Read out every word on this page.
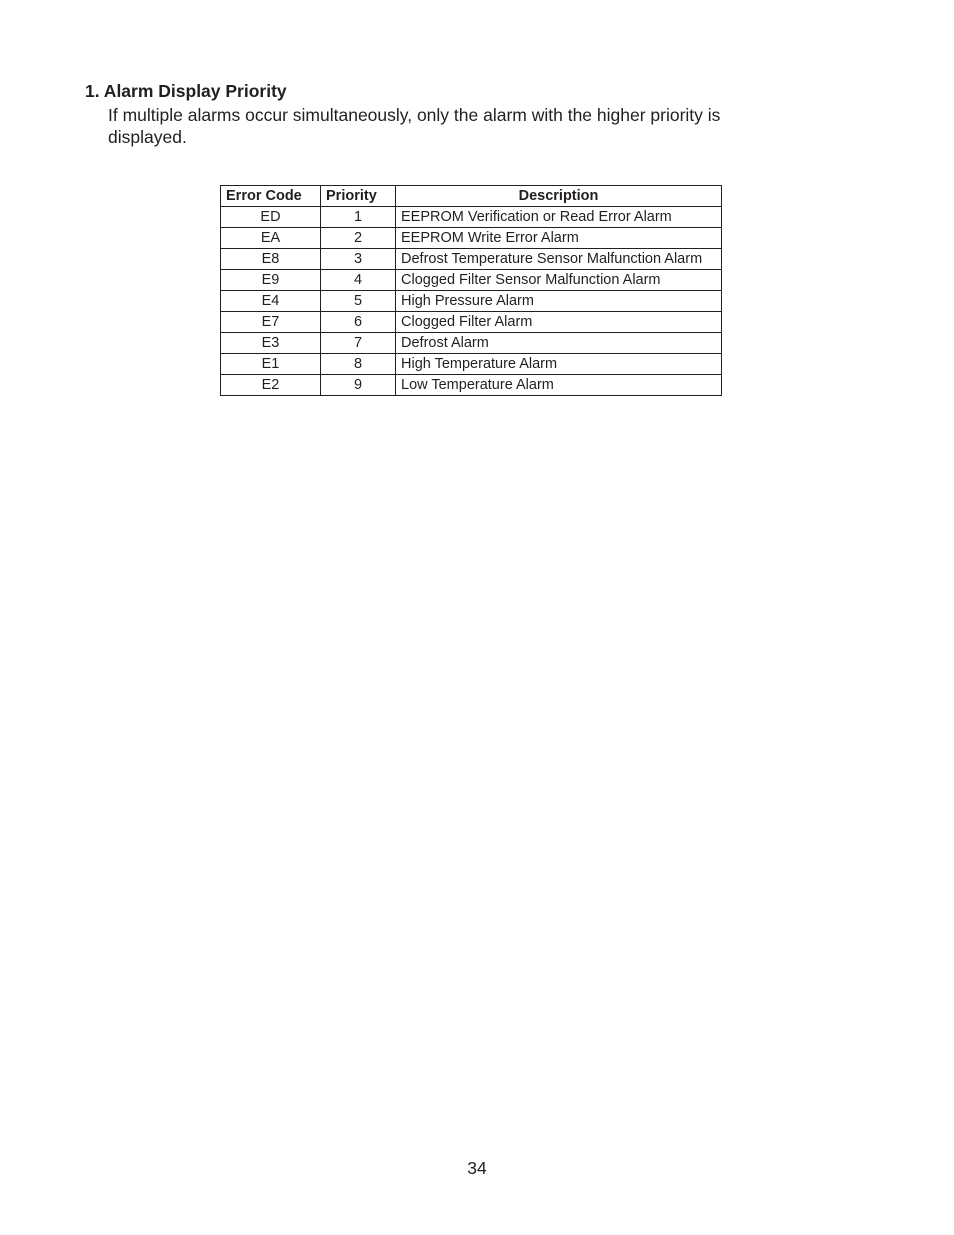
1. Alarm Display Priority

If multiple alarms occur simultaneously, only the alarm with the higher priority is displayed.

Error Code	Priority	Description
ED	1	EEPROM Verification or Read Error Alarm
EA	2	EEPROM Write Error Alarm
E8	3	Defrost Temperature Sensor Malfunction Alarm
E9	4	Clogged Filter Sensor Malfunction Alarm
E4	5	High Pressure Alarm
E7	6	Clogged Filter Alarm
E3	7	Defrost Alarm
E1	8	High Temperature Alarm
E2	9	Low Temperature Alarm

34
